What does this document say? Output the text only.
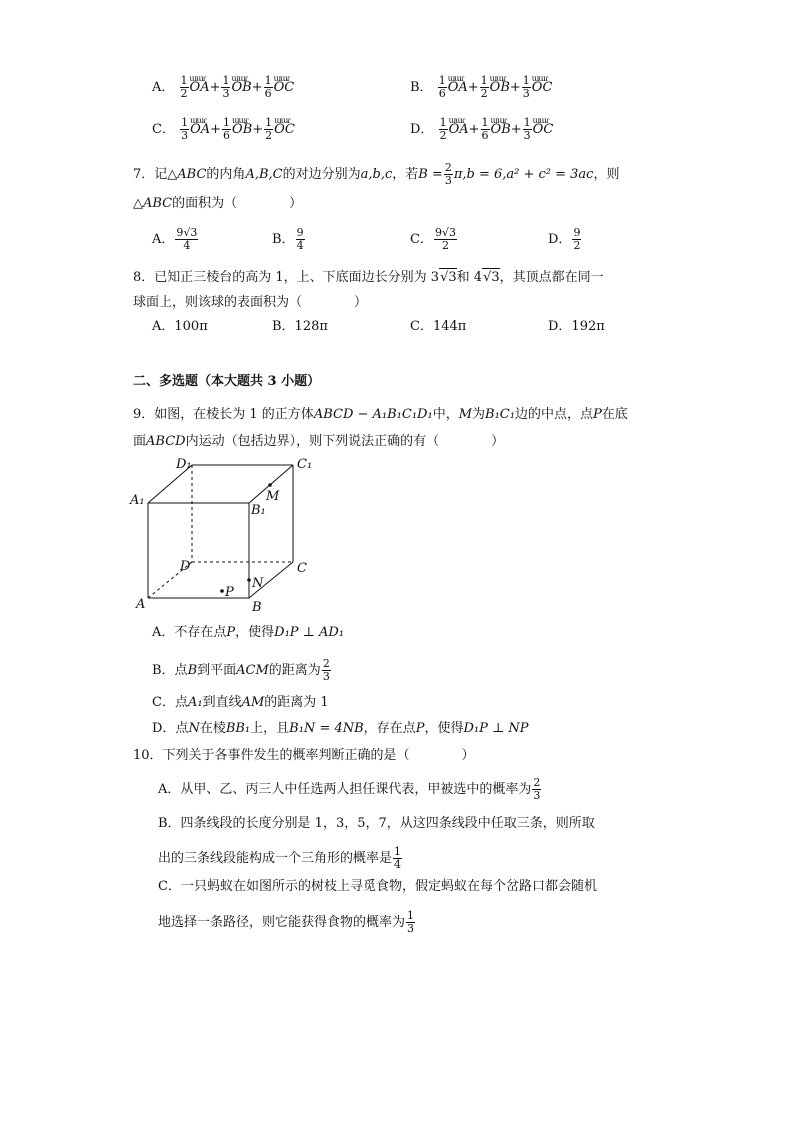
A． $\frac{1}{2}$ ɯɯɾ $OA+ \frac{1}{3}$ ɯɯɾ $OB+ \frac{1}{6}$ ɯɯɾ OC	B． $\frac{1}{6}$ ɯɯɾ $OA+ \frac{1}{2}$ ɯɯɾ $OB+ \frac{1}{3}$ ɯɯɾ OC
C． $\frac{1}{3}$ ɯɯɾ $OA+ \frac{1}{6}$ ɯɯɾ $OB+ \frac{1}{2}$ ɯɯɾ OC	D． $\frac{1}{2}$ ɯɯɾ $OA+ \frac{1}{6}$ ɯɯɾ $OB+ \frac{1}{3}$ ɯɯɾ OC
7．记△ABC的内角A,B,C的对边分别为a,b,c，若$B = \frac{2}{3} \pi,b = 6,a^2 + c^2 = 3ac$，则
△ABC的面积为（　　　　）
A． $\frac{9√3}{4}$	B． $\frac{9}{4}$	C． $\frac{9√3}{2}$	D． $\frac{9}{2}$
8．已知正三棱台的高为 1，上、下底面边长分别为 3√3和 4√3，其顶点都在同一
球面上，则该球的表面积为（　　　　）
A．100π	B．128π	C．144π	D．192π
二、多选题（本大题共 3 小题）
9．如图，在棱长为 1 的正方体ABCD − A₁B₁C₁D₁中，M为B₁C₁边的中点，点P在底
面ABCD内运动（包括边界），则下列说法正确的有（　　　　）
D₁	C₁
A₁
B₁
M
D	C
N
P
A	B
A．不存在点P，使得D₁P ⊥ AD₁
B．点B到平面ACM的距离为 $\frac{2}{3}$
C．点A₁到直线AM的距离为 1
D．点N在棱BB₁上，且B₁N = 4NB，存在点P，使得D₁P ⊥ NP
10．下列关于各事件发生的概率判断正确的是（　　　　）
A．从甲、乙、丙三人中任选两人担任课代表，甲被选中的概率为 $\frac{2}{3}$
B．四条线段的长度分别是 1，3，5，7，从这四条线段中任取三条，则所取
出的三条线段能构成一个三角形的概率是 $\frac{1}{4}$
C．一只蚂蚁在如图所示的树枝上寻觅食物，假定蚂蚁在每个岔路口都会随机
地选择一条路径，则它能获得食物的概率为 $\frac{1}{3}$
